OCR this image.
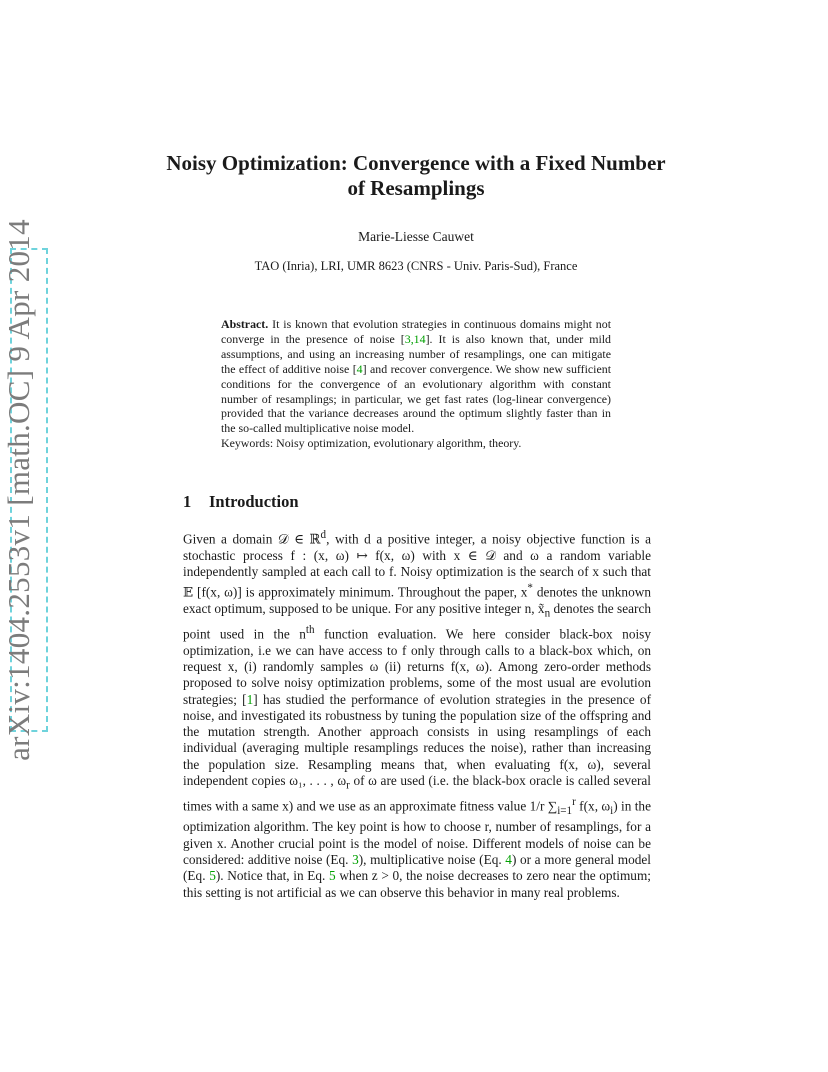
arXiv:1404.2553v1 [math.OC] 9 Apr 2014
Noisy Optimization: Convergence with a Fixed Number of Resamplings
Marie-Liesse Cauwet
TAO (Inria), LRI, UMR 8623 (CNRS - Univ. Paris-Sud), France

Abstract. It is known that evolution strategies in continuous domains might not converge in the presence of noise [3,14]. It is also known that, under mild assumptions, and using an increasing number of resamplings, one can mitigate the effect of additive noise [4] and recover convergence. We show new sufficient conditions for the convergence of an evolutionary algorithm with constant number of resamplings; in particular, we get fast rates (log-linear convergence) provided that the variance decreases around the optimum slightly faster than in the so-called multiplicative noise model.

Keywords: Noisy optimization, evolutionary algorithm, theory.

1 Introduction

Given a domain 𝒟 ∈ ℝ$^d$, with d a positive integer, a noisy objective function is a stochastic process f : (x, ω) ↦ f(x, ω) with x ∈ 𝒟 and ω a random variable independently sampled at each call to f. Noisy optimization is the search of x such that 𝔼 [f(x, ω)] is approximately minimum. Throughout the paper, x* denotes the unknown exact optimum, supposed to be unique. For any positive integer n, $x̃_n$ denotes the search point used in the $n^{th}$ function evaluation. We here consider black-box noisy optimization, i.e we can have access to f only through calls to a black-box which, on request x, (i) randomly samples ω (ii) returns f(x, ω). Among zero-order methods proposed to solve noisy optimization problems, some of the most usual are evolution strategies; [1] has studied the performance of evolution strategies in the presence of noise, and investigated its robustness by tuning the population size of the offspring and the mutation strength. Another approach consists in using resamplings of each individual (averaging multiple resamplings reduces the noise), rather than increasing the population size. Resampling means that, when evaluating f(x, ω), several independent copies ω₁, . . . , $\omega_r$ of ω are used (i.e. the black-box oracle is called several times with a same x) and we use as an approximate fitness value 1/r $\sum_{i=1}^r$ f(x, $\omega_i$) in the optimization algorithm. The key point is how to choose r, number of resamplings, for a given x. Another crucial point is the model of noise. Different models of noise can be considered: additive noise (Eq. 3), multiplicative noise (Eq. 4) or a more general model (Eq. 5). Notice that, in Eq. 5 when z > 0, the noise decreases to zero near the optimum; this setting is not artificial as we can observe this behavior in many real problems.
